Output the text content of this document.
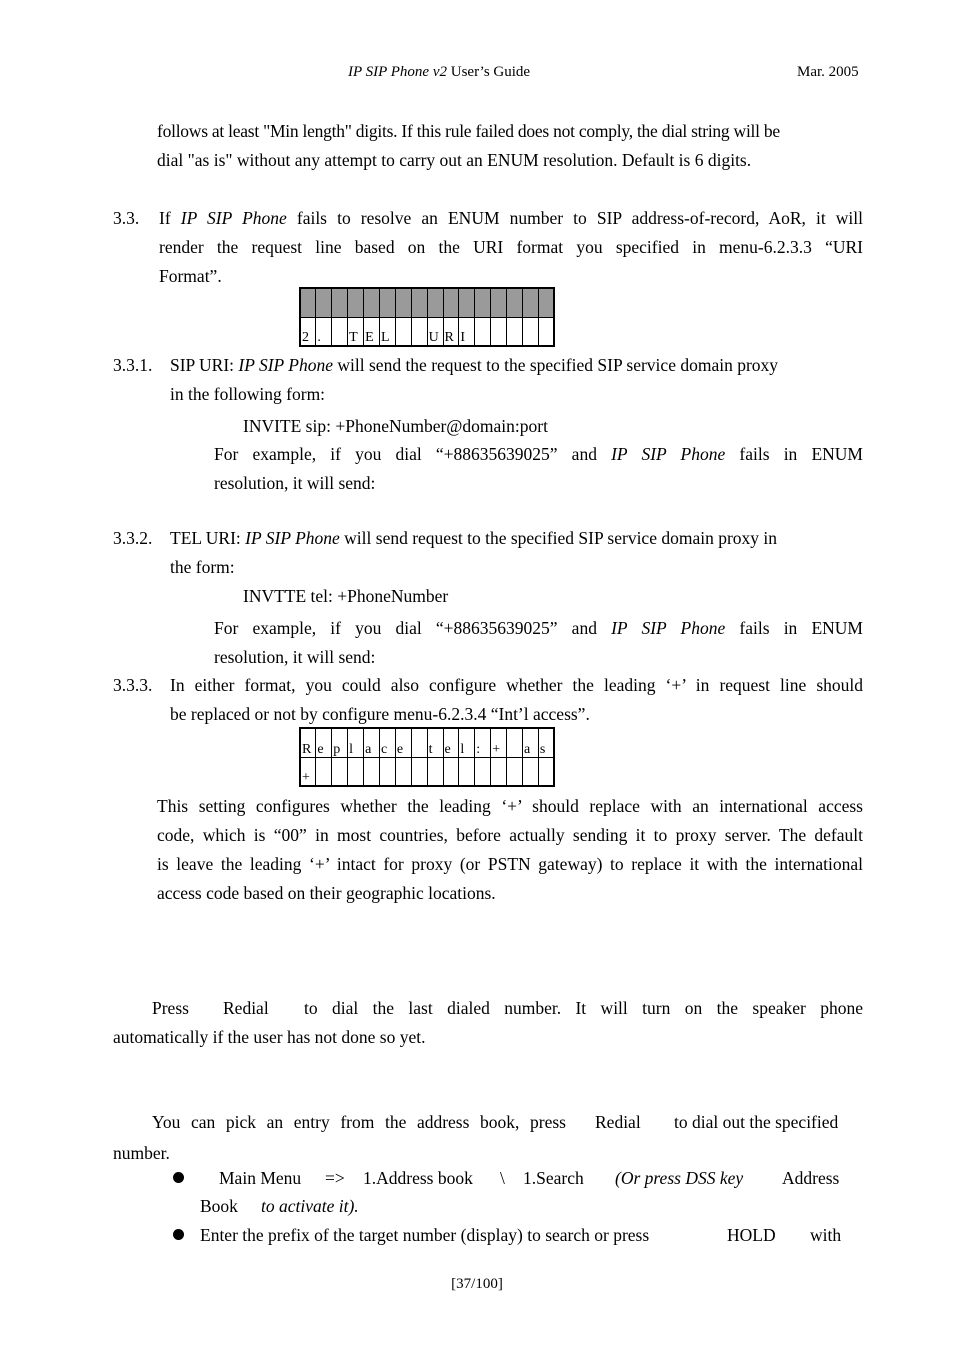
IP SIP Phone v2 User’s Guide	Mar. 2005
follows at least "Min length" digits. If this rule failed does not comply, the dial string will be
dial "as is" without any attempt to carry out an ENUM resolution. Default is 6 digits.
3.3. If IP SIP Phone fails to resolve an ENUM number to SIP address-of-record, AoR, it will
render the request line based on the URI format you specified in menu-6.2.3.3 “URI
Format”.

2	.		T	E	L			U	R	I					
3.3.1. SIP URI: IP SIP Phone will send the request to the specified SIP service domain proxy
in the following form:
INVITE sip: +PhoneNumber@domain:port
For example, if you dial “+88635639025” and IP SIP Phone fails in ENUM
resolution, it will send:
3.3.2. TEL URI: IP SIP Phone will send request to the specified SIP service domain proxy in
the form:
INVTTE tel: +PhoneNumber
For example, if you dial “+88635639025” and IP SIP Phone fails in ENUM
resolution, it will send:
3.3.3. In either format, you could also configure whether the leading ‘+’ in request line should
be replaced or not by configure menu-6.2.3.4 “Int’l access”.
R	e	p	l	a	c	e		t	e	l	:	+		a	s
+															
This setting configures whether the leading ‘+’ should replace with an international access
code, which is “00” in most countries, before actually sending it to proxy server. The default
is leave the leading ‘+’ intact for proxy (or PSTN gateway) to replace it with the international
access code based on their geographic locations.
Press Redial to dial the last dialed number. It will turn on the speaker phone
automatically if the user has not done so yet.
You can pick an entry from the address book, press Redial to dial out the specified
number.
Main Menu => 1.Address book \ 1.Search (Or press DSS key Address
Book to activate it).
Enter the prefix of the target number (display) to search or press	HOLD with
[37/100]
